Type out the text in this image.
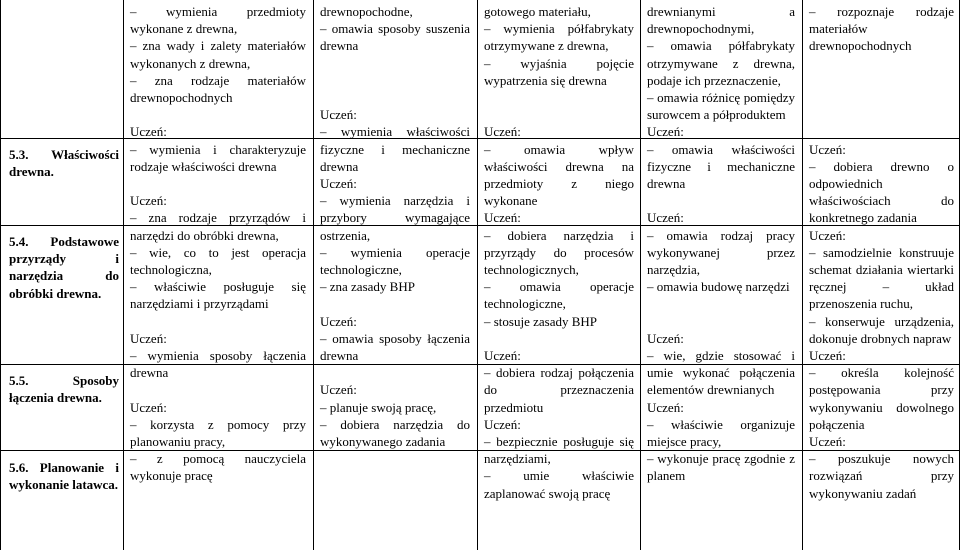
5.3. Właściwości drewna.
5.4. Podstawowe przyrządy i narzędzia do obróbki drewna.
5.5. Sposoby łączenia drewna.
5.6. Planowanie i wykonanie latawca.
– wymienia przedmioty wykonane z drewna,
– zna wady i zalety materiałów wykonanych z drewna,
– zna rodzaje materiałów drewnopochodnych
Uczeń:
– wymienia i charakteryzuje rodzaje właściwości drewna
Uczeń:
– zna rodzaje przyrządów i narzędzi do obróbki drewna,
– wie, co to jest operacja technologiczna,
– właściwie posługuje się narzędziami i przyrządami
Uczeń:
– wymienia sposoby łączenia drewna
Uczeń:
– korzysta z pomocy przy planowaniu pracy,
– z pomocą nauczyciela wykonuje pracę
drewnopochodne,
– omawia sposoby suszenia drewna
Uczeń:
– wymienia właściwości fizyczne i mechaniczne drewna
Uczeń:
– wymienia narzędzia i przybory wymagające ostrzenia,
– wymienia operacje technologiczne,
– zna zasady BHP
Uczeń:
– omawia sposoby łączenia drewna
Uczeń:
– planuje swoją pracę,
– dobiera narzędzia do wykonywanego zadania
gotowego materiału,
– wymienia półfabrykaty otrzymywane z drewna,
– wyjaśnia pojęcie wypatrzenia się drewna
Uczeń:
– omawia wpływ właściwości drewna na przedmioty z niego wykonane
Uczeń:
– dobiera narzędzia i przyrządy do procesów technologicznych,
– omawia operacje technologiczne,
– stosuje zasady BHP
Uczeń:
– dobiera rodzaj połączenia do przeznaczenia przedmiotu
Uczeń:
– bezpiecznie posługuje się narzędziami,
– umie właściwie zaplanować swoją pracę
drewnianymi a drewnopochodnymi,
– omawia półfabrykaty otrzymywane z drewna, podaje ich przeznaczenie,
– omawia różnicę pomiędzy surowcem a półproduktem
Uczeń:
– omawia właściwości fizyczne i mechaniczne drewna
Uczeń:
– omawia rodzaj pracy wykonywanej przez narzędzia,
– omawia budowę narzędzi
Uczeń:
– wie, gdzie stosować i umie wykonać połączenia elementów drewnianych
Uczeń:
– właściwie organizuje miejsce pracy,
– wykonuje pracę zgodnie z planem
– rozpoznaje rodzaje materiałów drewnopochodnych
Uczeń:
– dobiera drewno o odpowiednich właściwościach do konkretnego zadania
Uczeń:
– samodzielnie konstruuje schemat działania wiertarki ręcznej – układ przenoszenia ruchu,
– konserwuje urządzenia, dokonuje drobnych napraw
Uczeń:
– określa kolejność postępowania przy wykonywaniu dowolnego połączenia
Uczeń:
– poszukuje nowych rozwiązań przy wykonywaniu zadań
